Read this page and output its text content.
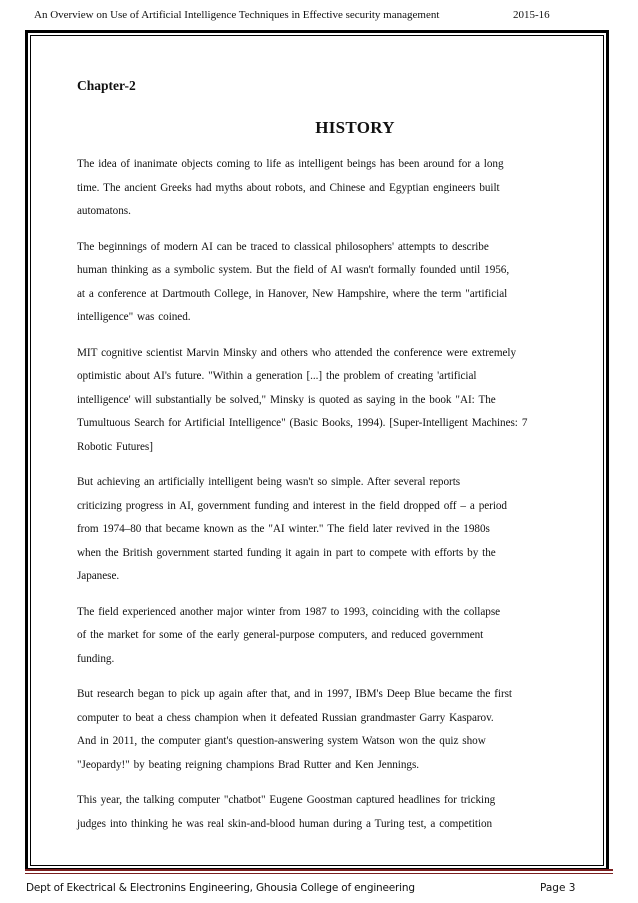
An Overview on Use of Artificial Intelligence Techniques in Effective security management	2015-16
Chapter-2
HISTORY
The idea of inanimate objects coming to life as intelligent beings has been around for a long
time. The ancient Greeks had myths about robots, and Chinese and Egyptian engineers built
automatons.
The beginnings of modern AI can be traced to classical philosophers' attempts to describe
human thinking as a symbolic system. But the field of AI wasn't formally founded until 1956,
at a conference at Dartmouth College, in Hanover, New Hampshire, where the term "artificial
intelligence" was coined.
MIT cognitive scientist Marvin Minsky and others who attended the conference were extremely
optimistic about AI's future. "Within a generation [...] the problem of creating 'artificial
intelligence' will substantially be solved," Minsky is quoted as saying in the book "AI: The
Tumultuous Search for Artificial Intelligence" (Basic Books, 1994). [Super-Intelligent Machines: 7
Robotic Futures]
But achieving an artificially intelligent being wasn't so simple. After several reports
criticizing progress in AI, government funding and interest in the field dropped off – a period
from 1974–80 that became known as the "AI winter." The field later revived in the 1980s
when the British government started funding it again in part to compete with efforts by the
Japanese.
The field experienced another major winter from 1987 to 1993, coinciding with the collapse
of the market for some of the early general-purpose computers, and reduced government
funding.
But research began to pick up again after that, and in 1997, IBM's Deep Blue became the first
computer to beat a chess champion when it defeated Russian grandmaster Garry Kasparov.
And in 2011, the computer giant's question-answering system Watson won the quiz show
"Jeopardy!" by beating reigning champions Brad Rutter and Ken Jennings.
This year, the talking computer "chatbot" Eugene Goostman captured headlines for tricking
judges into thinking he was real skin-and-blood human during a Turing test, a competition
Dept of Ekectrical & Electronins Engineering, Ghousia College of engineering	Page 3
